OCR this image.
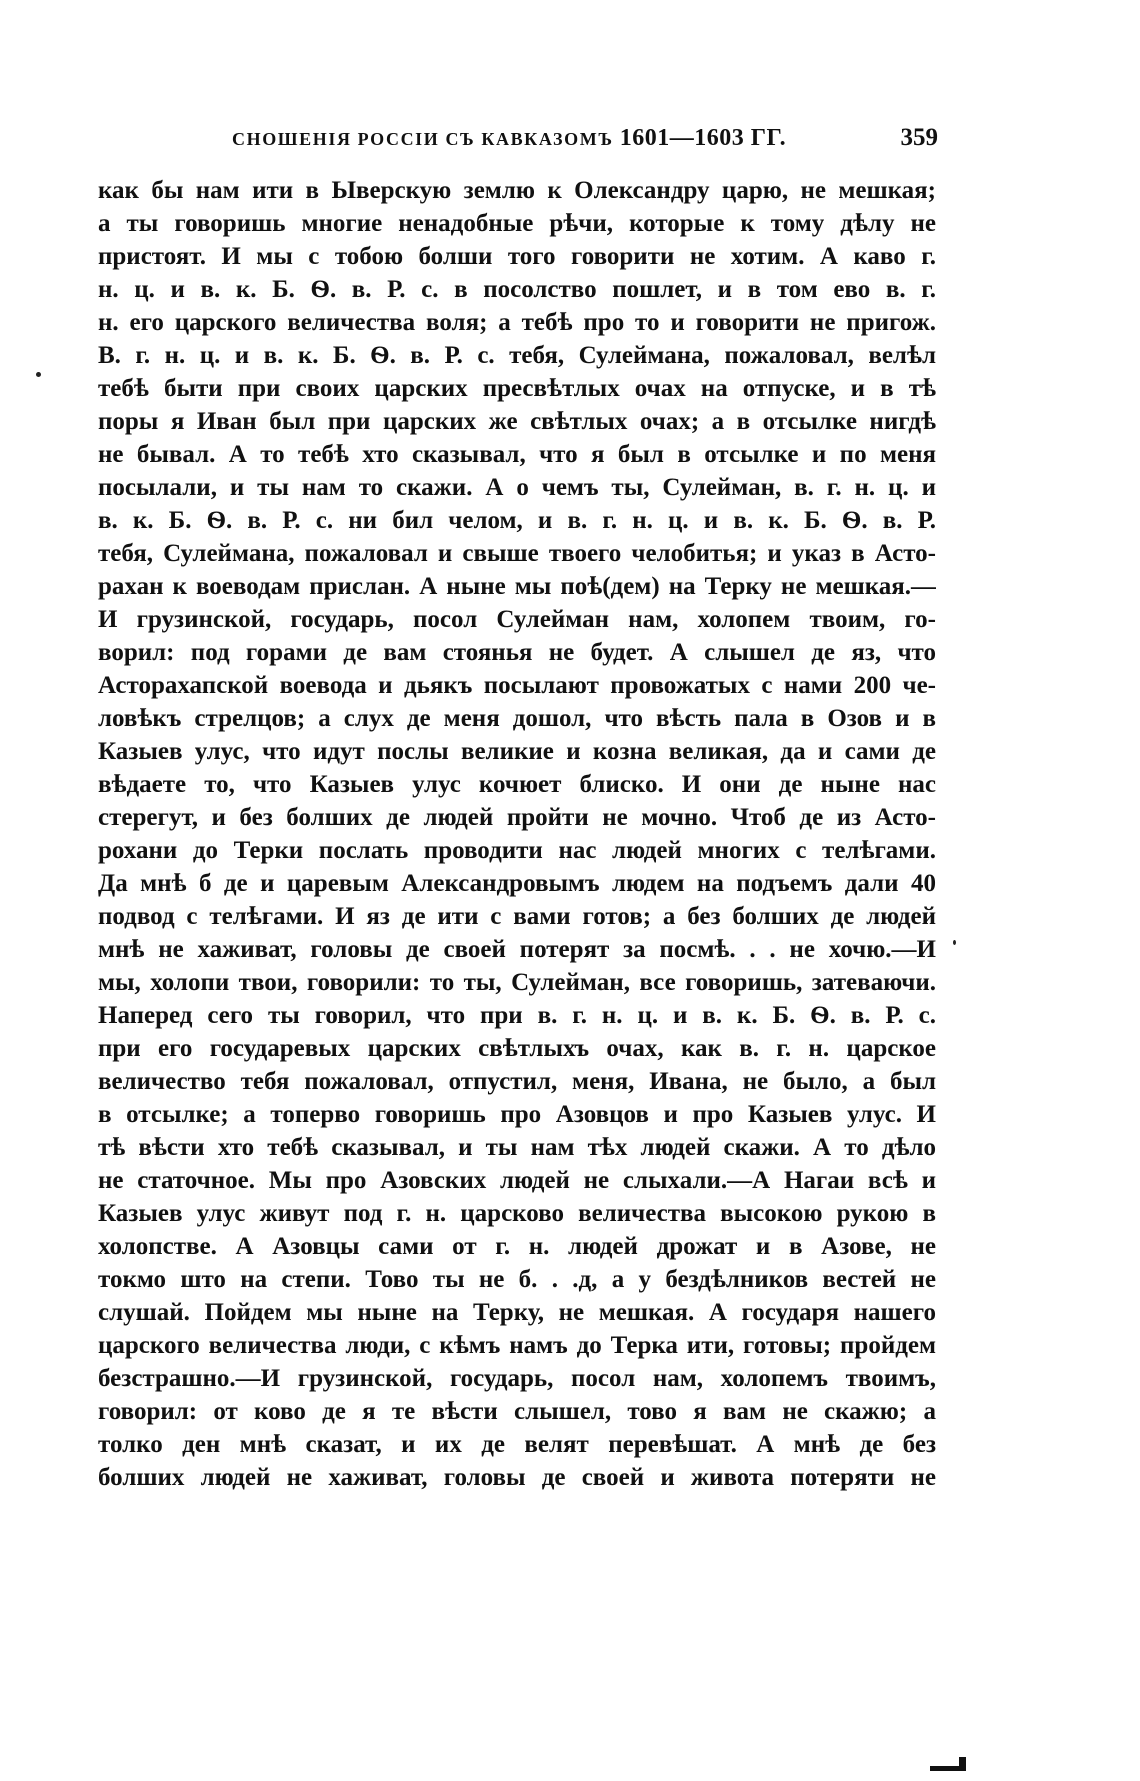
СНОШЕНІЯ РОССІИ СЪ КАВКАЗОМЪ 1601—1603 ГГ.	359
как бы нам ити в Ыверскую землю к Олександру царю, не мешкая;
а ты говоришь многие ненадобные рѣчи, которые к тому дѣлу не
пристоят. И мы с тобою болши того говорити не хотим. А каво г.
н. ц. и в. к. Б. Ѳ. в. Р. с. в посолство пошлет, и в том ево в. г.
н. его царского величества воля; а тебѣ про то и говорити не пригож.
В. г. н. ц. и в. к. Б. Ѳ. в. Р. с. тебя, Сулеймана, пожаловал, велѣл
тебѣ быти при своих царских пресвѣтлых очах на отпуске, и в тѣ
поры я Иван был при царских же свѣтлых очах; а в отсылке нигдѣ
не бывал. А то тебѣ хто сказывал, что я был в отсылке и по меня
посылали, и ты нам то скажи. А о чемъ ты, Сулейман, в. г. н. ц. и
в. к. Б. Ѳ. в. Р. с. ни бил челом, и в. г. н. ц. и в. к. Б. Ѳ. в. Р.
тебя, Сулеймана, пожаловал и свыше твоего челобитья; и указ в Асто-
рахан к воеводам прислан. А ныне мы поѣ(дем) на Терку не мешкая.—
И грузинской, государь, посол Сулейман нам, холопем твоим, го-
ворил: под горами де вам стоянья не будет. А слышел де яз, что
Асторахапской воевода и дьякъ посылают провожатых с нами 200 че-
ловѣкъ стрелцов; а слух де меня дошол, что вѣсть пала в Озов и в
Казыев улус, что идут послы великие и козна великая, да и сами де
вѣдаете то, что Казыев улус кочюет блиско. И они де ныне нас
стерегут, и без болших де людей пройти не мочно. Чтоб де из Асто-
рохани до Терки послать проводити нас людей многих с телѣгами.
Да мнѣ б де и царевым Александровымъ людем на подъемъ дали 40
подвод с телѣгами. И яз де ити с вами готов; а без болших де людей
мнѣ не хаживат, головы де своей потерят за посмѣ. . . не хочю.—И
мы, холопи твои, говорили: то ты, Сулейман, все говоришь, затеваючи.
Наперед сего ты говорил, что при в. г. н. ц. и в. к. Б. Ѳ. в. Р. с.
при его государевых царских свѣтлыхъ очах, как в. г. н. царское
величество тебя пожаловал, отпустил, меня, Ивана, не было, а был
в отсылке; а топерво говоришь про Азовцов и про Казыев улус. И
тѣ вѣсти хто тебѣ сказывал, и ты нам тѣх людей скажи. А то дѣло
не статочное. Мы про Азовских людей не слыхали.—А Нагаи всѣ и
Казыев улус живут под г. н. царсково величества высокою рукою в
холопстве. А Азовцы сами от г. н. людей дрожат и в Азове, не
токмо што на степи. Тово ты не б. . .д, а у бездѣлников вестей не
слушай. Пойдем мы ныне на Терку, не мешкая. А государя нашего
царского величества люди, с кѣмъ намъ до Терка ити, готовы; пройдем
безстрашно.—И грузинской, государь, посол нам, холопемъ твоимъ,
говорил: от ково де я те вѣсти слышел, тово я вам не скажю; а
толко ден мнѣ сказат, и их де велят перевѣшат. А мнѣ де без
болших людей не хаживат, головы де своей и живота потеряти не
